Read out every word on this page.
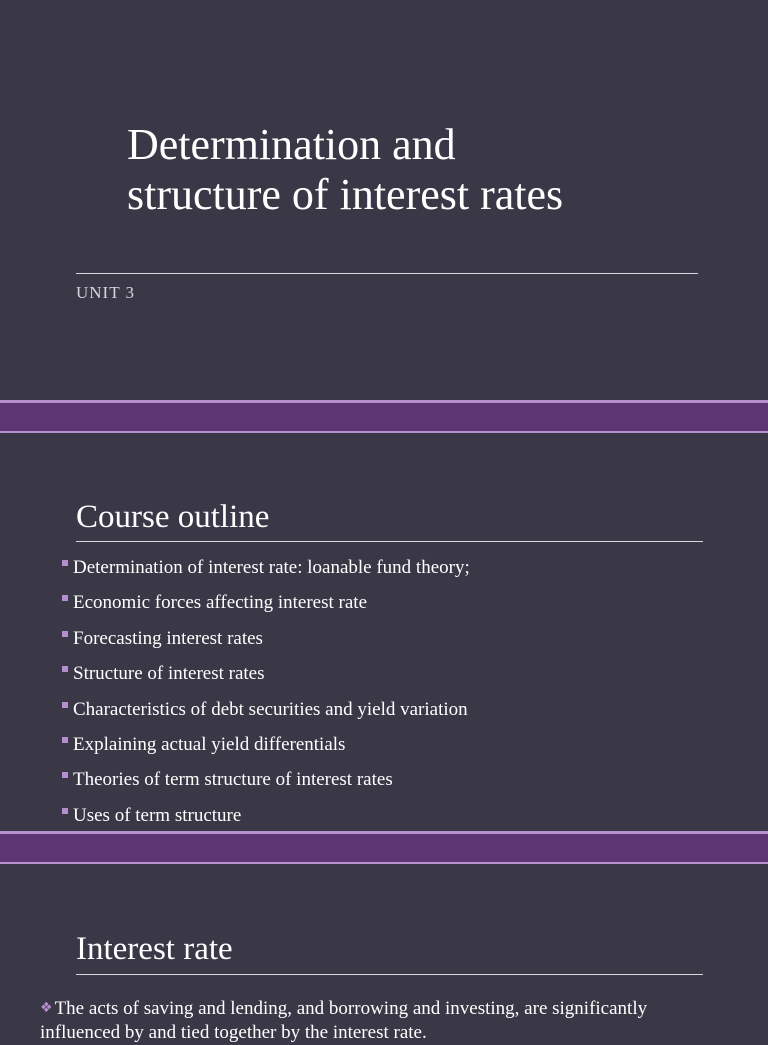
Determination and
structure of interest rates
UNIT 3
Course outline
Determination of interest rate: loanable fund theory;
Economic forces affecting interest rate
Forecasting interest rates
Structure of interest rates
Characteristics of debt securities and yield variation
Explaining actual yield differentials
Theories of term structure of interest rates
Uses of term structure
Interest rate

❖ The acts of saving and lending, and borrowing and investing, are significantly
influenced by and tied together by the interest rate.
